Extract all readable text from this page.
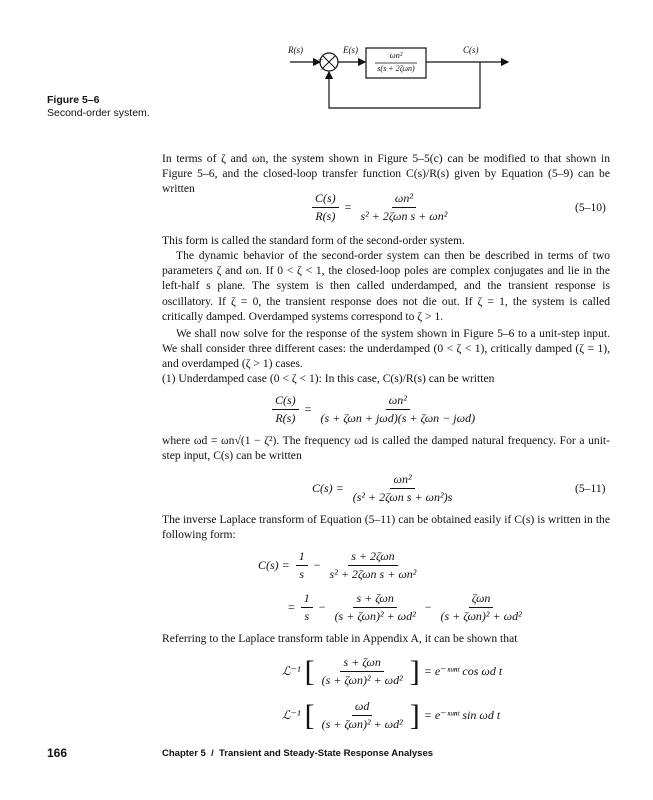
R(s)	E(s)	C(s)
+
−
ωn²
s(s + 2ζωn)
Figure 5–6
Second-order system.
In terms of ζ and ωn, the system shown in Figure 5–5(c) can be modified to that shown in Figure 5–6, and the closed-loop transfer function C(s)/R(s) given by Equation (5–9) can be written
$\frac{C(s)}{R(s)} = \frac{\text{ωn²}}{\text{s² + 2ζωn s + ωn²}}$	(5–10)
This form is called the standard form of the second-order system.
The dynamic behavior of the second-order system can then be described in terms of two parameters ζ and ωn. If 0 < ζ < 1, the closed-loop poles are complex conjugates and lie in the left-half s plane. The system is then called underdamped, and the transient response is oscillatory. If ζ = 0, the transient response does not die out. If ζ = 1, the system is called critically damped. Overdamped systems correspond to ζ > 1.
We shall now solve for the response of the system shown in Figure 5–6 to a unit-step input. We shall consider three different cases: the underdamped (0 < ζ < 1), critically damped (ζ = 1), and overdamped (ζ > 1) cases.
(1) Underdamped case (0 < ζ < 1): In this case, C(s)/R(s) can be written
$\frac{C(s)}{R(s)} = \frac{\text{ωn²}}{\text{(s + ζωn + jωd)(s + ζωn − jωd)}}$
where ωd = ωn√(1 − ζ²). The frequency ωd is called the damped natural frequency. For a unit-step input, C(s) can be written
$C(s) = \frac{\text{ωn²}}{\text{(s² + 2ζωn s + ωn²)s}}$	(5–11)
The inverse Laplace transform of Equation (5–11) can be obtained easily if C(s) is written in the following form:
$C(s) = \frac{1}{s} - \frac{\text{s + 2ζωn}}{\text{s² + 2ζωn s + ωn²}}$
= $\frac{1}{s} - \frac{\text{s + ζωn}}{\text{(s + ζωn)² + ωd²}} - \frac{\text{ζωn}}{\text{(s + ζωn)² + ωd²}}$
Referring to the Laplace transform table in Appendix A, it can be shown that
ℒ⁻¹ [ $\frac{\text{s + ζωn}}{\text{(s + ζωn)² + ωd²}}$ ] = e⁻ᶦᵚⁿᵗ cos ωd t
ℒ⁻¹ [ $\frac{\omega d}{\text{(s + ζωn)² + ωd²}}$ ] = e⁻ᶦᵚⁿᵗ sin ωd t
166	Chapter 5  /  Transient and Steady-State Response Analyses
